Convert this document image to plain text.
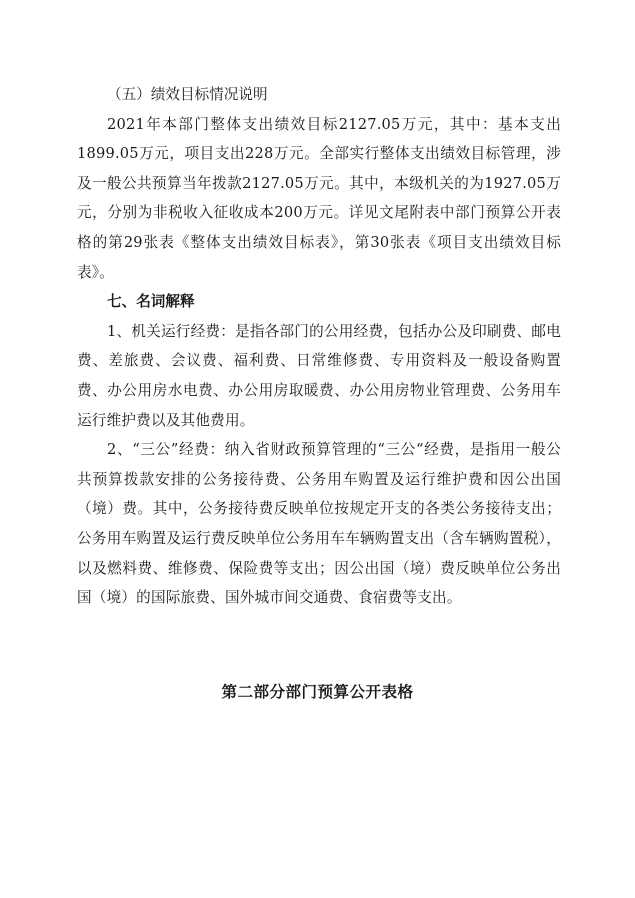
（五）绩效目标情况说明

2021年本部门整体支出绩效目标2127.05万元，其中：基本支出1899.05万元，项目支出228万元。全部实行整体支出绩效目标管理，涉及一般公共预算当年拨款2127.05万元。其中，本级机关的为1927.05万元，分别为非税收入征收成本200万元。详见文尾附表中部门预算公开表格的第29张表《整体支出绩效目标表》，第30张表《项目支出绩效目标表》。

七、名词解释

1、机关运行经费：是指各部门的公用经费，包括办公及印刷费、邮电费、差旅费、会议费、福利费、日常维修费、专用资料及一般设备购置费、办公用房水电费、办公用房取暖费、办公用房物业管理费、公务用车运行维护费以及其他费用。

2、“三公”经费：纳入省财政预算管理的“三公“经费，是指用一般公共预算拨款安排的公务接待费、公务用车购置及运行维护费和因公出国（境）费。其中，公务接待费反映单位按规定开支的各类公务接待支出；公务用车购置及运行费反映单位公务用车车辆购置支出（含车辆购置税），以及燃料费、维修费、保险费等支出；因公出国（境）费反映单位公务出国（境）的国际旅费、国外城市间交通费、食宿费等支出。

第二部分部门预算公开表格
